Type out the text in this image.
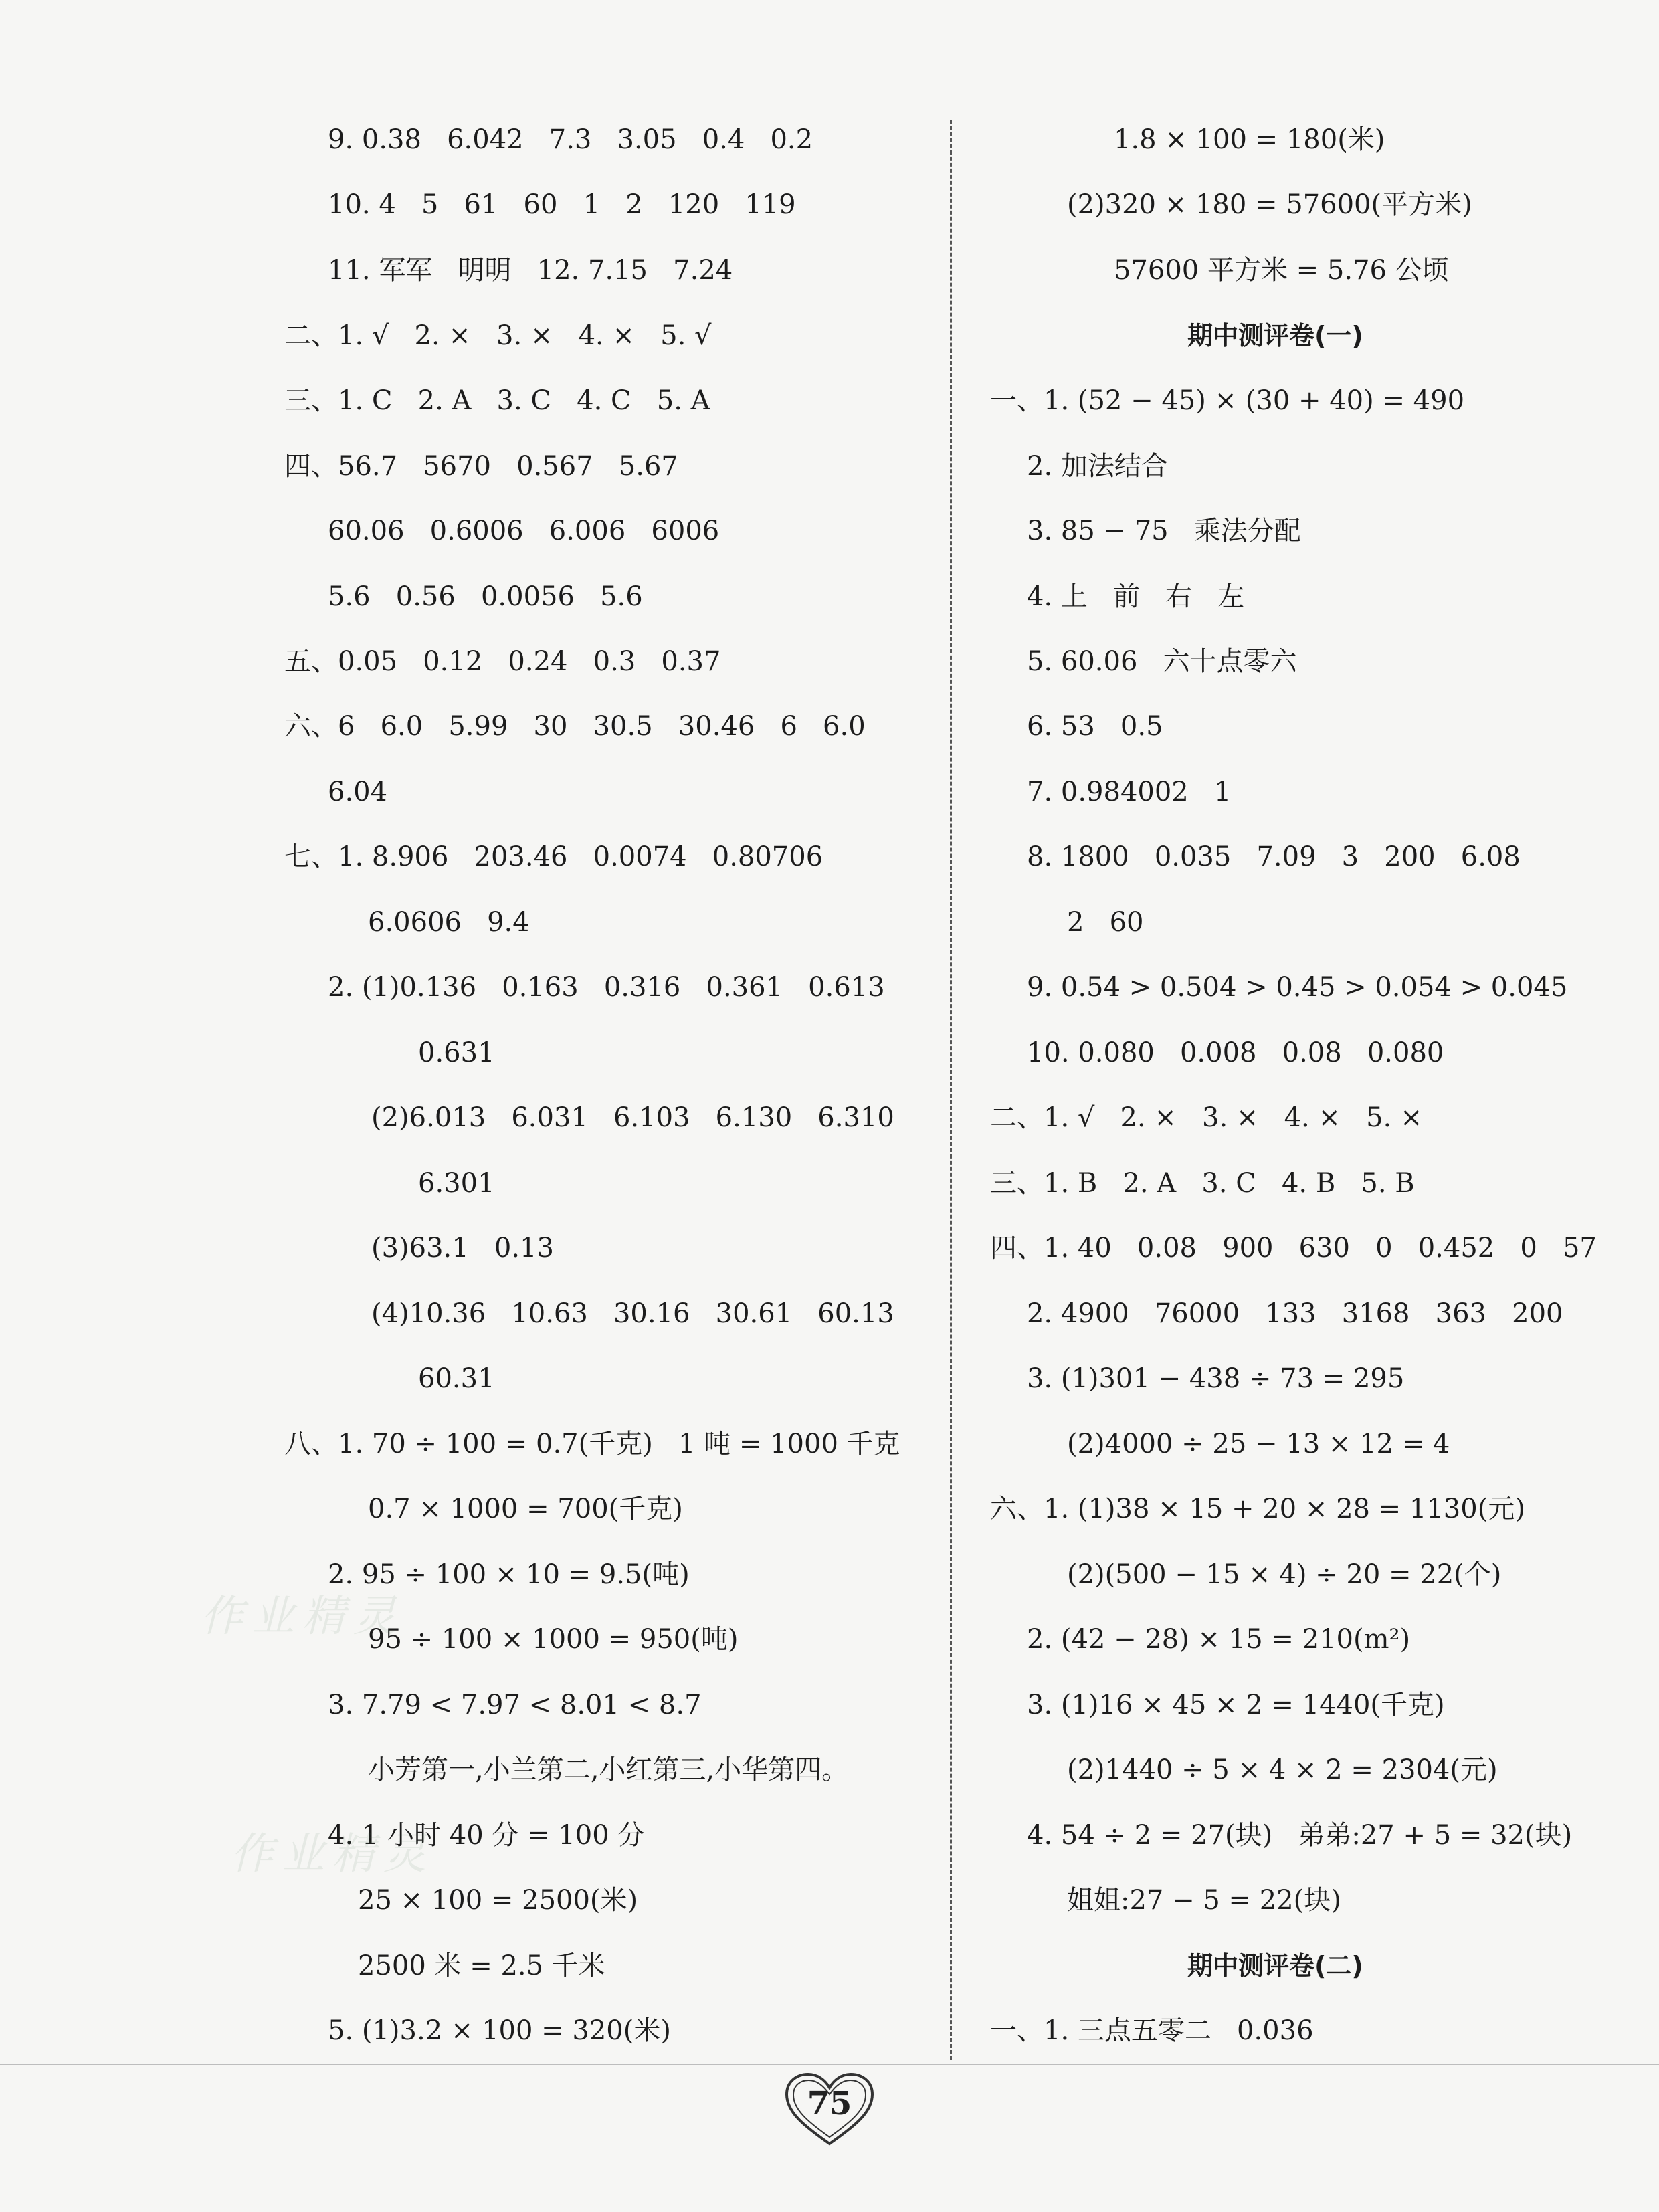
9. 0.38   6.042   7.3   3.05   0.4   0.2
10. 4   5   61   60   1   2   120   119
11. 军军   明明   12. 7.15   7.24
二、1. √   2. ×   3. ×   4. ×   5. √
三、1. C   2. A   3. C   4. C   5. A
四、56.7   5670   0.567   5.67
60.06   0.6006   6.006   6006
5.6   0.56   0.0056   5.6
五、0.05   0.12   0.24   0.3   0.37
六、6   6.0   5.99   30   30.5   30.46   6   6.0
6.04
七、1. 8.906   203.46   0.0074   0.80706
6.0606   9.4
2. (1)0.136   0.163   0.316   0.361   0.613
0.631
(2)6.013   6.031   6.103   6.130   6.310
6.301
(3)63.1   0.13
(4)10.36   10.63   30.16   30.61   60.13
60.31
八、1. 70 ÷ 100 = 0.7(千克)   1 吨 = 1000 千克
0.7 × 1000 = 700(千克)
2. 95 ÷ 100 × 10 = 9.5(吨)
95 ÷ 100 × 1000 = 950(吨)
3. 7.79 < 7.97 < 8.01 < 8.7
小芳第一,小兰第二,小红第三,小华第四。
4. 1 小时 40 分 = 100 分
25 × 100 = 2500(米)
2500 米 = 2.5 千米
5. (1)3.2 × 100 = 320(米)
1.8 × 100 = 180(米)
(2)320 × 180 = 57600(平方米)
57600 平方米 = 5.76 公顷
期中测评卷(一)
一、1. (52 − 45) × (30 + 40) = 490
2. 加法结合
3. 85 − 75   乘法分配
4. 上   前   右   左
5. 60.06   六十点零六
6. 53   0.5
7. 0.984002   1
8. 1800   0.035   7.09   3   200   6.08
2   60
9. 0.54 > 0.504 > 0.45 > 0.054 > 0.045
10. 0.080   0.008   0.08   0.080
二、1. √   2. ×   3. ×   4. ×   5. ×
三、1. B   2. A   3. C   4. B   5. B
四、1. 40   0.08   900   630   0   0.452   0   57
2. 4900   76000   133   3168   363   200
3. (1)301 − 438 ÷ 73 = 295
(2)4000 ÷ 25 − 13 × 12 = 4
六、1. (1)38 × 15 + 20 × 28 = 1130(元)
(2)(500 − 15 × 4) ÷ 20 = 22(个)
2. (42 − 28) × 15 = 210(m²)
3. (1)16 × 45 × 2 = 1440(千克)
(2)1440 ÷ 5 × 4 × 2 = 2304(元)
4. 54 ÷ 2 = 27(块)   弟弟:27 + 5 = 32(块)
姐姐:27 − 5 = 22(块)
期中测评卷(二)
一、1. 三点五零二   0.036
作业精灵
作业精灵
75
